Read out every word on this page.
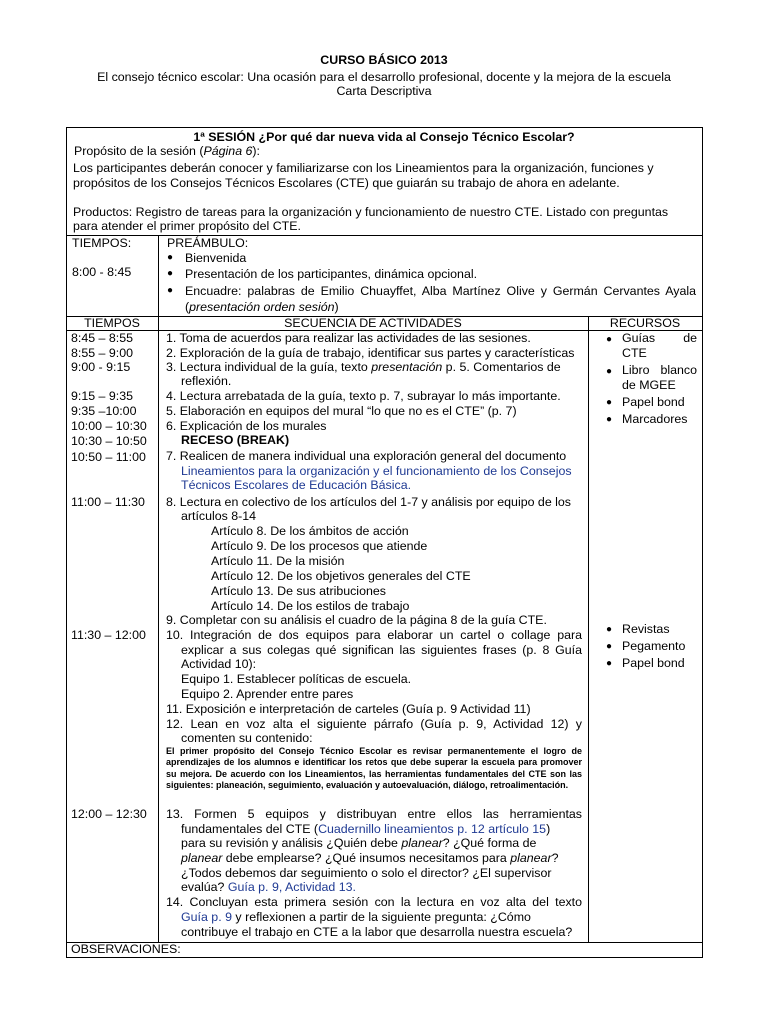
CURSO BÁSICO 2013
El consejo técnico escolar: Una ocasión para el desarrollo profesional, docente y la mejora de la escuela
Carta Descriptiva
1ª SESIÓN ¿Por qué dar nueva vida al Consejo Técnico Escolar?
Propósito de la sesión (Página 6):
Los participantes deberán conocer y familiarizarse con los Lineamientos para la organización, funciones y
propósitos de los Consejos Técnicos Escolares (CTE) que guiarán su trabajo de ahora en adelante.
Productos: Registro de tareas para la organización y funcionamiento de nuestro CTE. Listado con preguntas
para atender el primer propósito del CTE.
TIEMPOS:
8:00 - 8:45
PREÁMBULO:
● Bienvenida
● Presentación de los participantes, dinámica opcional.
● Encuadre: palabras de Emilio Chuayffet, Alba Martínez Olive y Germán Cervantes Ayala
(presentación orden sesión)
TIEMPOS	SECUENCIA DE ACTIVIDADES	RECURSOS
8:45 – 8:55
8:55 – 9:00
9:00 - 9:15
9:15 – 9:35
9:35 –10:00
10:00 – 10:30
10:30 – 10:50
10:50 – 11:00
11:00 – 11:30
11:30 – 12:00
12:00 – 12:30
1. Toma de acuerdos para realizar las actividades de las sesiones.
2. Exploración de la guía de trabajo, identificar sus partes y características
3. Lectura individual de la guía, texto presentación p. 5. Comentarios de
reflexión.
4. Lectura arrebatada de la guía, texto p. 7, subrayar lo más importante.
5. Elaboración en equipos del mural “lo que no es el CTE” (p. 7)
6. Explicación de los murales
RECESO (BREAK)
7. Realicen de manera individual una exploración general del documento
Lineamientos para la organización y el funcionamiento de los Consejos
Técnicos Escolares de Educación Básica.
8. Lectura en colectivo de los artículos del 1-7 y análisis por equipo de los
artículos 8-14
Artículo 8. De los ámbitos de acción
Artículo 9. De los procesos que atiende
Artículo 11. De la misión
Artículo 12. De los objetivos generales del CTE
Artículo 13. De sus atribuciones
Artículo 14. De los estilos de trabajo
9. Completar con su análisis el cuadro de la página 8 de la guía CTE.
10. Integración de dos equipos para elaborar un cartel o collage para
explicar a sus colegas qué significan las siguientes frases (p. 8 Guía
Actividad 10):
Equipo 1. Establecer políticas de escuela.
Equipo 2. Aprender entre pares
11. Exposición e interpretación de carteles (Guía p. 9 Actividad 11)
12. Lean en voz alta el siguiente párrafo (Guía p. 9, Actividad 12) y
comenten su contenido:
El primer propósito del Consejo Técnico Escolar es revisar permanentemente el logro de aprendizajes de los alumnos e identificar los retos que debe superar la escuela para promover su mejora. De acuerdo con los Lineamientos, las herramientas fundamentales del CTE son las siguientes: planeación, seguimiento, evaluación y autoevaluación, diálogo, retroalimentación.
13. Formen 5 equipos y distribuyan entre ellos las herramientas
fundamentales del CTE (Cuadernillo lineamientos p. 12 artículo 15)
para su revisión y análisis ¿Quién debe planear? ¿Qué forma de
planear debe emplearse? ¿Qué insumos necesitamos para planear?
¿Todos debemos dar seguimiento o solo el director? ¿El supervisor
evalúa? Guía p. 9, Actividad 13.
14. Concluyan esta primera sesión con la lectura en voz alta del texto
Guía p. 9 y reflexionen a partir de la siguiente pregunta: ¿Cómo
contribuye el trabajo en CTE a la labor que desarrolla nuestra escuela?
● Guías de CTE
● Libro blanco de MGEE
● Papel bond
● Marcadores
● Revistas
● Pegamento
● Papel bond
OBSERVACIONES:
